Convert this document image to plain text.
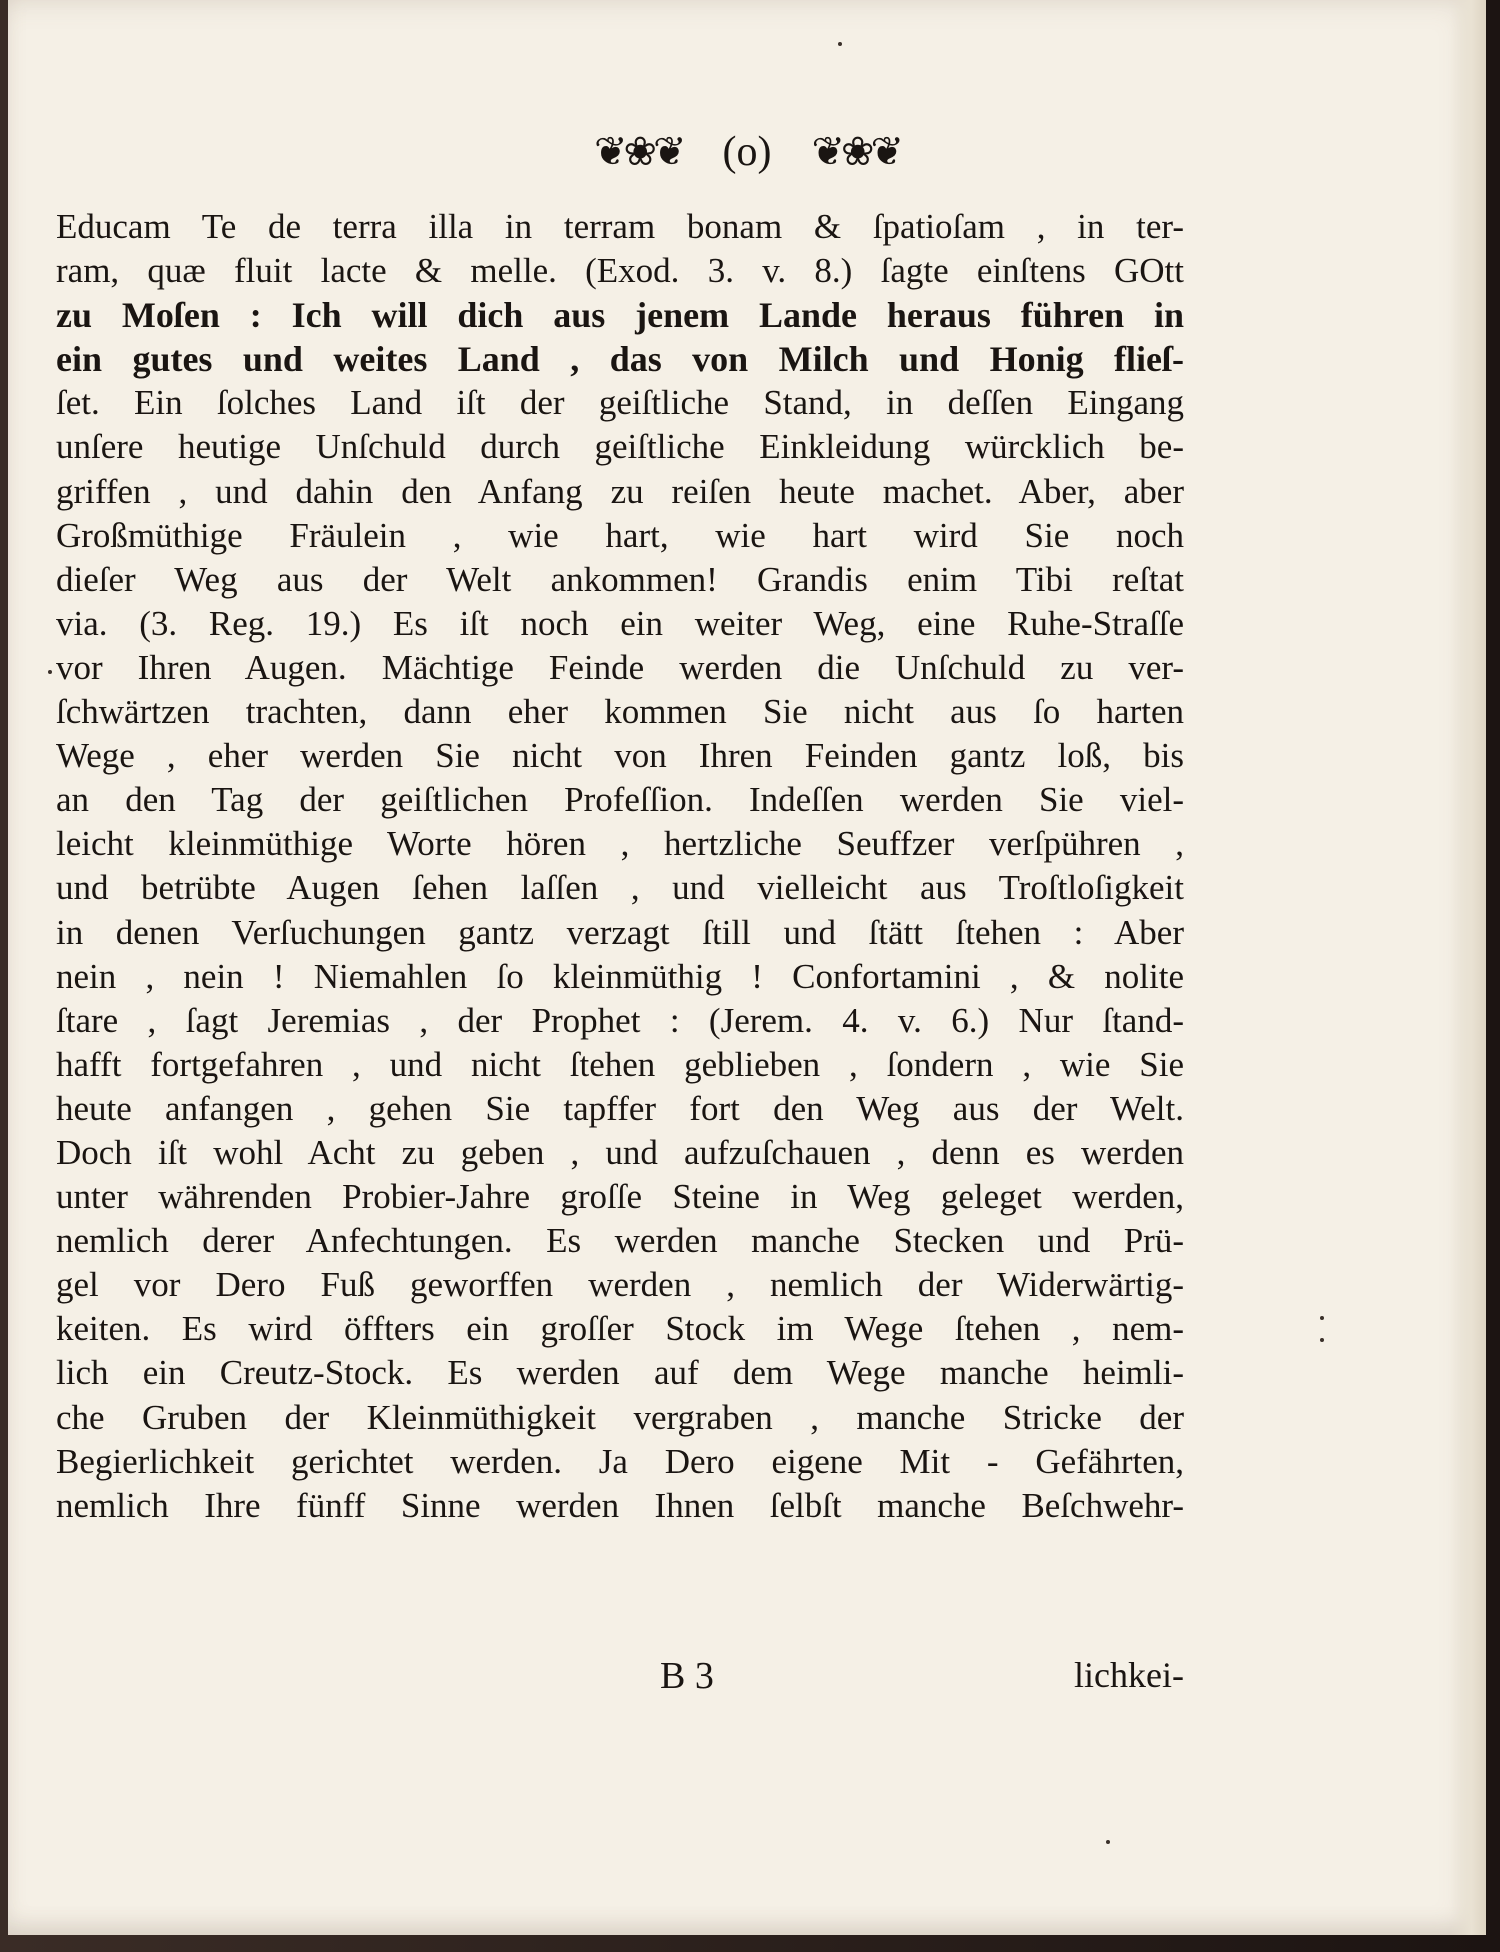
❦❀❦ (o) ❦❀❦
Educam Te de terra illa in terram bonam & ſpatioſam , in ter-
ram, quæ fluit lacte & melle. (Exod. 3. v. 8.) ſagte einſtens GOtt
zu Moſen : Ich will dich aus jenem Lande heraus führen in
ein gutes und weites Land , das von Milch und Honig flieſ-
ſet. Ein ſolches Land iſt der geiſtliche Stand, in deſſen Eingang
unſere heutige Unſchuld durch geiſtliche Einkleidung würcklich be-
griffen , und dahin den Anfang zu reiſen heute machet. Aber, aber
Großmüthige Fräulein , wie hart, wie hart wird Sie noch
dieſer Weg aus der Welt ankommen! Grandis enim Tibi reſtat
via. (3. Reg. 19.) Es iſt noch ein weiter Weg, eine Ruhe-Straſſe
vor Ihren Augen. Mächtige Feinde werden die Unſchuld zu ver-
ſchwärtzen trachten, dann eher kommen Sie nicht aus ſo harten
Wege , eher werden Sie nicht von Ihren Feinden gantz loß, bis
an den Tag der geiſtlichen Profeſſion. Indeſſen werden Sie viel-
leicht kleinmüthige Worte hören , hertzliche Seuffzer verſpühren ,
und betrübte Augen ſehen laſſen , und vielleicht aus Troſtloſigkeit
in denen Verſuchungen gantz verzagt ſtill und ſtätt ſtehen : Aber
nein , nein ! Niemahlen ſo kleinmüthig ! Confortamini , & nolite
ſtare , ſagt Jeremias , der Prophet : (Jerem. 4. v. 6.) Nur ſtand-
hafft fortgefahren , und nicht ſtehen geblieben , ſondern , wie Sie
heute anfangen , gehen Sie tapffer fort den Weg aus der Welt.
Doch iſt wohl Acht zu geben , und aufzuſchauen , denn es werden
unter währenden Probier-Jahre groſſe Steine in Weg geleget werden,
nemlich derer Anfechtungen. Es werden manche Stecken und Prü-
gel vor Dero Fuß geworffen werden , nemlich der Widerwärtig-
keiten. Es wird öffters ein groſſer Stock im Wege ſtehen , nem-
lich ein Creutz-Stock. Es werden auf dem Wege manche heimli-
che Gruben der Kleinmüthigkeit vergraben , manche Stricke der
Begierlichkeit gerichtet werden. Ja Dero eigene Mit - Gefährten,
nemlich Ihre fünff Sinne werden Ihnen ſelbſt manche Beſchwehr-
B 3	lichkei-
